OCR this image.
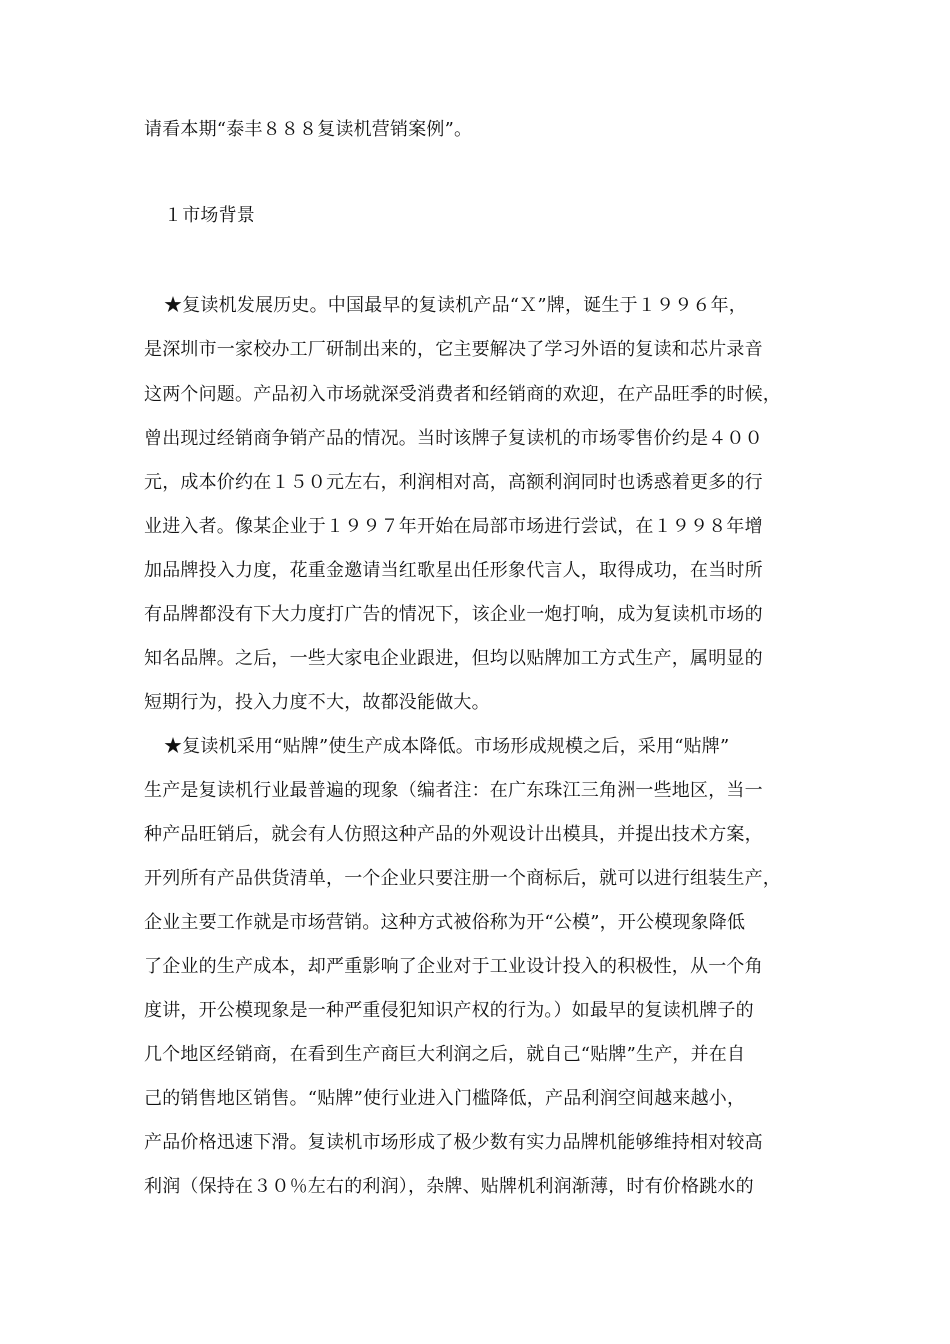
请看本期“泰丰８８８复读机营销案例”。
１市场背景
★复读机发展历史。中国最早的复读机产品“Ｘ”牌，诞生于１９９６年，
是深圳市一家校办工厂研制出来的，它主要解决了学习外语的复读和芯片录音
这两个问题。产品初入市场就深受消费者和经销商的欢迎，在产品旺季的时候，
曾出现过经销商争销产品的情况。当时该牌子复读机的市场零售价约是４００
元，成本价约在１５０元左右，利润相对高，高额利润同时也诱惑着更多的行
业进入者。像某企业于１９９７年开始在局部市场进行尝试，在１９９８年增
加品牌投入力度，花重金邀请当红歌星出任形象代言人，取得成功，在当时所
有品牌都没有下大力度打广告的情况下，该企业一炮打响，成为复读机市场的
知名品牌。之后，一些大家电企业跟进，但均以贴牌加工方式生产，属明显的
短期行为，投入力度不大，故都没能做大。
★复读机采用“贴牌”使生产成本降低。市场形成规模之后，采用“贴牌”
生产是复读机行业最普遍的现象（编者注：在广东珠江三角洲一些地区，当一
种产品旺销后，就会有人仿照这种产品的外观设计出模具，并提出技术方案，
开列所有产品供货清单，一个企业只要注册一个商标后，就可以进行组装生产，
企业主要工作就是市场营销。这种方式被俗称为开“公模”，开公模现象降低
了企业的生产成本，却严重影响了企业对于工业设计投入的积极性，从一个角
度讲，开公模现象是一种严重侵犯知识产权的行为。）如最早的复读机牌子的
几个地区经销商，在看到生产商巨大利润之后，就自己“贴牌”生产，并在自
己的销售地区销售。“贴牌”使行业进入门槛降低，产品利润空间越来越小，
产品价格迅速下滑。复读机市场形成了极少数有实力品牌机能够维持相对较高
利润（保持在３０％左右的利润），杂牌、贴牌机利润渐薄，时有价格跳水的
